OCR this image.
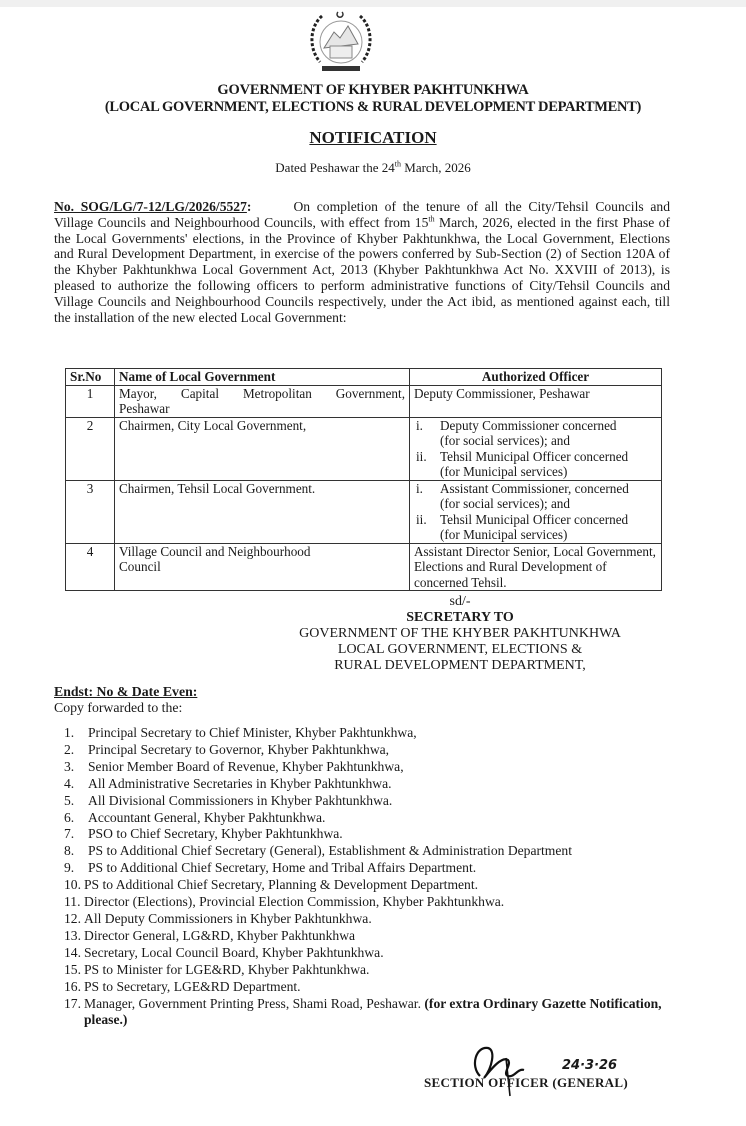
GOVERNMENT OF KHYBER PAKHTUNKHWA
(LOCAL GOVERNMENT, ELECTIONS & RURAL DEVELOPMENT DEPARTMENT)
NOTIFICATION
Dated Peshawar the 24th March, 2026
No. SOG/LG/7-12/LG/2026/5527:	On completion of the tenure of all the City/Tehsil Councils and Village Councils and Neighbourhood Councils, with effect from 15th March, 2026, elected in the first Phase of the Local Governments' elections, in the Province of Khyber Pakhtunkhwa, the Local Government, Elections and Rural Development Department, in exercise of the powers conferred by Sub-Section (2) of Section 120A of the Khyber Pakhtunkhwa Local Government Act, 2013 (Khyber Pakhtunkhwa Act No. XXVIII of 2013), is pleased to authorize the following officers to perform administrative functions of City/Tehsil Councils and Village Councils and Neighbourhood Councils respectively, under the Act ibid, as mentioned against each, till the installation of the new elected Local Government:
Sr.No	Name of Local Government	Authorized Officer
1	Mayor, Capital Metropolitan Government, Peshawar	Deputy Commissioner, Peshawar
2	Chairmen, City Local Government,	i.	Deputy Commissioner concerned
(for social services); and
ii.	Tehsil Municipal Officer concerned
(for Municipal services)

3	Chairmen, Tehsil Local Government.	i.	Assistant Commissioner, concerned
(for social services); and
ii.	Tehsil Municipal Officer concerned
(for Municipal services)

4	Village Council and Neighbourhood Council	Assistant Director Senior, Local Government, Elections and Rural Development of concerned Tehsil.
sd/-
SECRETARY TO
GOVERNMENT OF THE KHYBER PAKHTUNKHWA
LOCAL GOVERNMENT, ELECTIONS &
RURAL DEVELOPMENT DEPARTMENT,
Endst: No & Date Even:
Copy forwarded to the:
1.	Principal Secretary to Chief Minister, Khyber Pakhtunkhwa,
2.	Principal Secretary to Governor, Khyber Pakhtunkhwa,
3.	Senior Member Board of Revenue, Khyber Pakhtunkhwa,
4.	All Administrative Secretaries in Khyber Pakhtunkhwa.
5.	All Divisional Commissioners in Khyber Pakhtunkhwa.
6.	Accountant General, Khyber Pakhtunkhwa.
7.	PSO to Chief Secretary, Khyber Pakhtunkhwa.
8.	PS to Additional Chief Secretary (General), Establishment & Administration Department
9.	PS to Additional Chief Secretary, Home and Tribal Affairs Department.
10. PS to Additional Chief Secretary, Planning & Development Department.
11. Director (Elections), Provincial Election Commission, Khyber Pakhtunkhwa.
12. All Deputy Commissioners in Khyber Pakhtunkhwa.
13. Director General, LG&RD, Khyber Pakhtunkhwa
14. Secretary, Local Council Board, Khyber Pakhtunkhwa.
15. PS to Minister for LGE&RD, Khyber Pakhtunkhwa.
16. PS to Secretary, LGE&RD Department.
17. Manager, Government Printing Press, Shami Road, Peshawar. (for extra Ordinary Gazette Notification, please.)
24·3·26
SECTION OFFICER (GENERAL)
